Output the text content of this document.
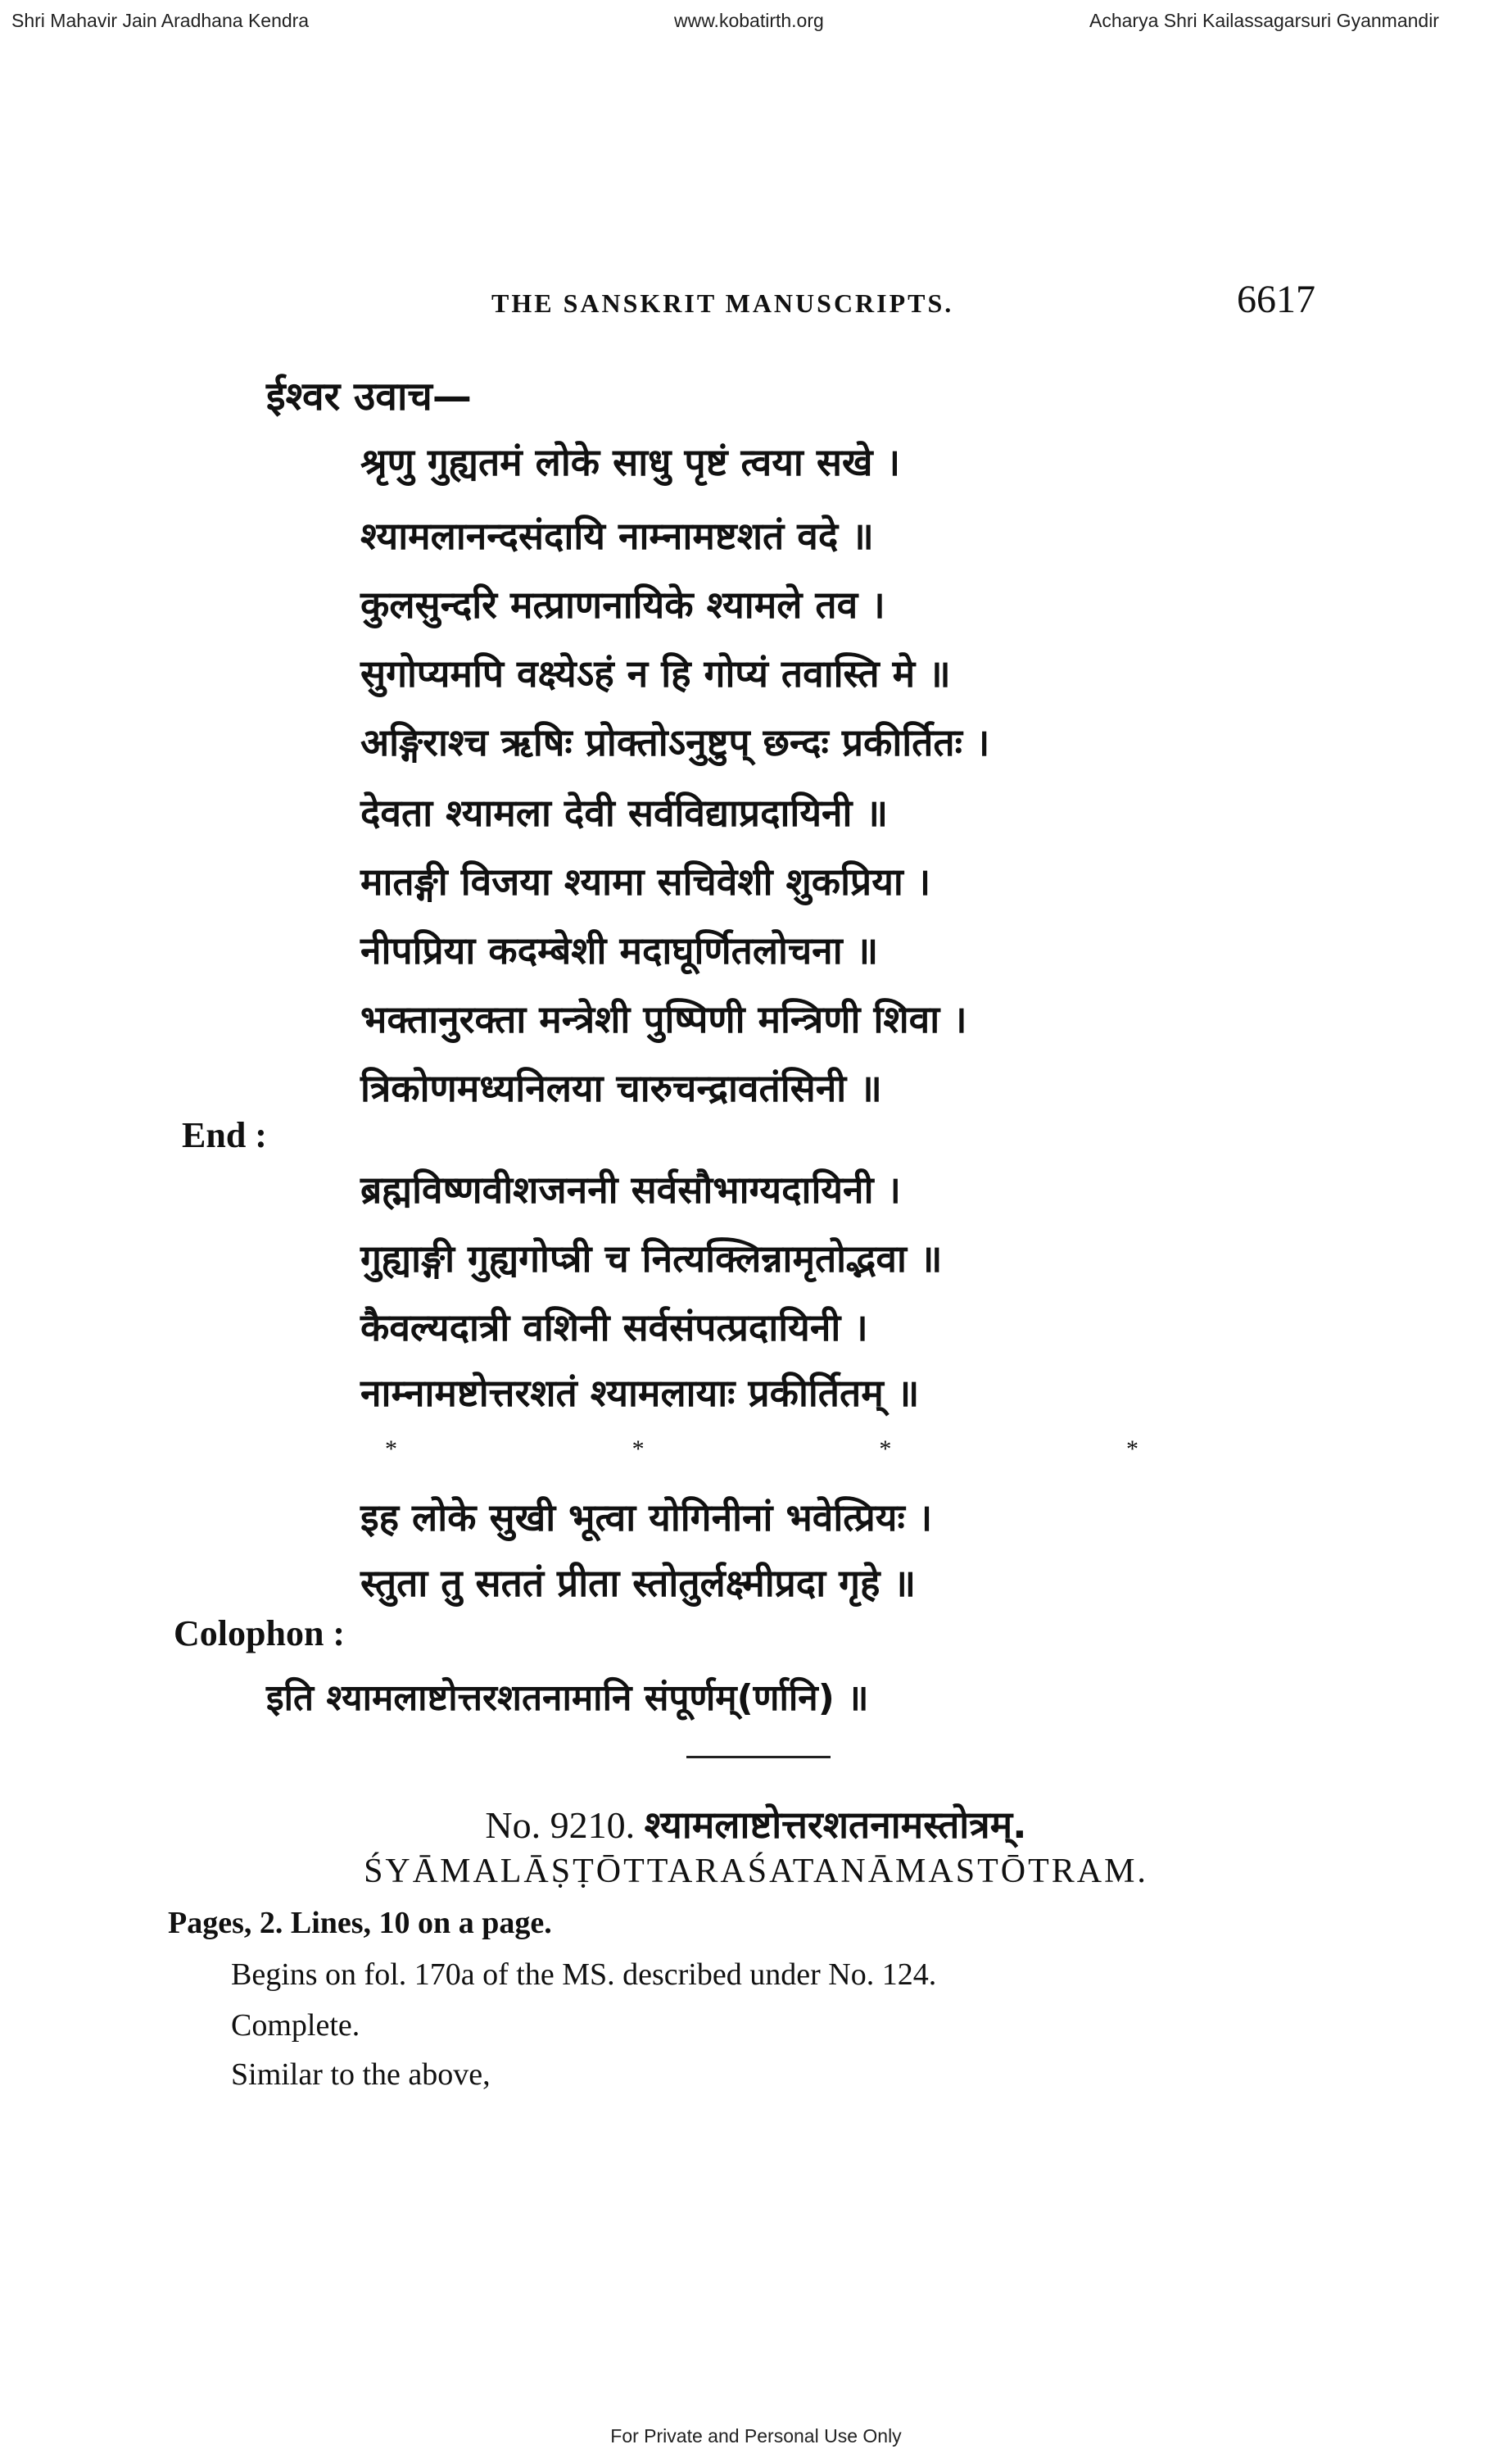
Shri Mahavir Jain Aradhana Kendra	www.kobatirth.org	Acharya Shri Kailassagarsuri Gyanmandir
THE SANSKRIT MANUSCRIPTS.	6617
ईश्वर उवाच—
श्रृणु गुह्यतमं लोके साधु पृष्टं त्वया सखे ।
श्यामलानन्दसंदायि नाम्नामष्टशतं वदे ॥
कुलसुन्दरि मत्प्राणनायिके श्यामले तव ।
सुगोप्यमपि वक्ष्येऽहं न हि गोप्यं तवास्ति मे ॥
अङ्गिराश्च ऋषिः प्रोक्तोऽनुष्टुप् छन्दः प्रकीर्तितः ।
देवता श्यामला देवी सर्वविद्याप्रदायिनी ॥
मातङ्गी विजया श्यामा सचिवेशी शुकप्रिया ।
नीपप्रिया कदम्बेशी मदाघूर्णितलोचना ॥
भक्तानुरक्ता मन्त्रेशी पुष्पिणी मन्त्रिणी शिवा ।
त्रिकोणमध्यनिलया चारुचन्द्रावतंसिनी ॥
End :
ब्रह्मविष्णवीशजननी सर्वसौभाग्यदायिनी ।
गुह्याङ्गी गुह्यगोप्त्री च नित्यक्लिन्नामृतोद्भवा ॥
कैवल्यदात्री वशिनी सर्वसंपत्प्रदायिनी ।
नाम्नामष्टोत्तरशतं श्यामलायाः प्रकीर्तितम् ॥
*	*	*	*
इह लोके सुखी भूत्वा योगिनीनां भवेत्प्रियः ।
स्तुता तु सततं प्रीता स्तोतुर्लक्ष्मीप्रदा गृहे ॥
Colophon :
इति श्यामलाष्टोत्तरशतनामानि संपूर्णम्(र्णानि) ॥
No. 9210. श्यामलाष्टोत्तरशतनामस्तोत्रम्.
ŚYĀMALĀṢṬŌTTARAŚATANĀMASTŌTRAM.
Pages, 2. Lines, 10 on a page.
Begins on fol. 170a of the MS. described under No. 124.
Complete.
Similar to the above,
For Private and Personal Use Only
